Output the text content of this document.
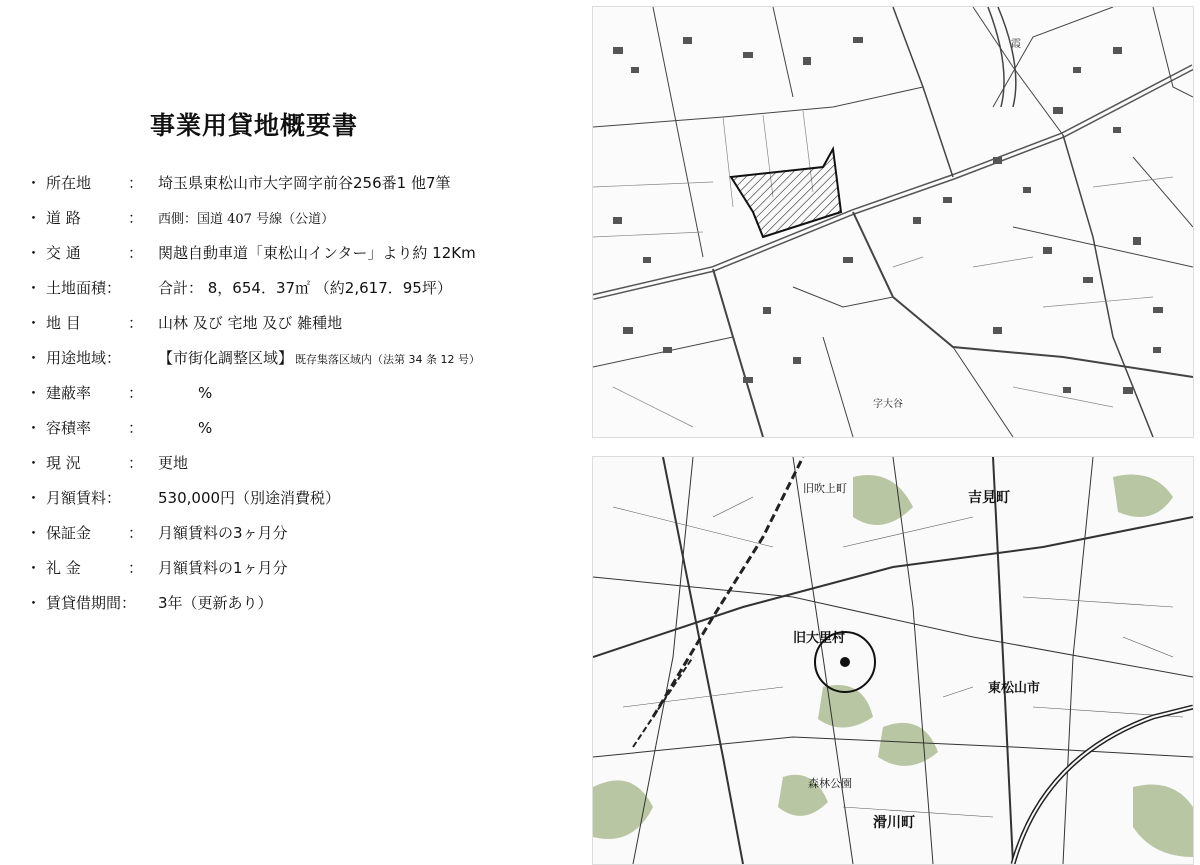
事業用貸地概要書
・ 所在地	： 埼玉県東松山市大字岡字前谷256番1 他7筆
・ 道 路	：	西側：国道 407 号線（公道）
・ 交 通	： 関越自動車道「東松山インター」より約 12Km
・ 土地面積：	合計： 8，654．37㎡ （約2,617．95坪）
・ 地 目	： 山林 及び 宅地 及び 雑種地
・ 用途地域：	【市街化調整区域】 既存集落区域内（法第 34 条 12 号）
・ 建蔽率	：	%
・ 容積率	：	%
・ 現 況	： 更地
・ 月額賃料：	530,000円（別途消費税）
・ 保証金	： 月額賃料の3ヶ月分
・ 礼 金	： 月額賃料の1ヶ月分
・ 賃貸借期間： 3年（更新あり）
霞
字大谷
吉見町
旧大里村
東松山市
滑川町
森林公園
旧吹上町
